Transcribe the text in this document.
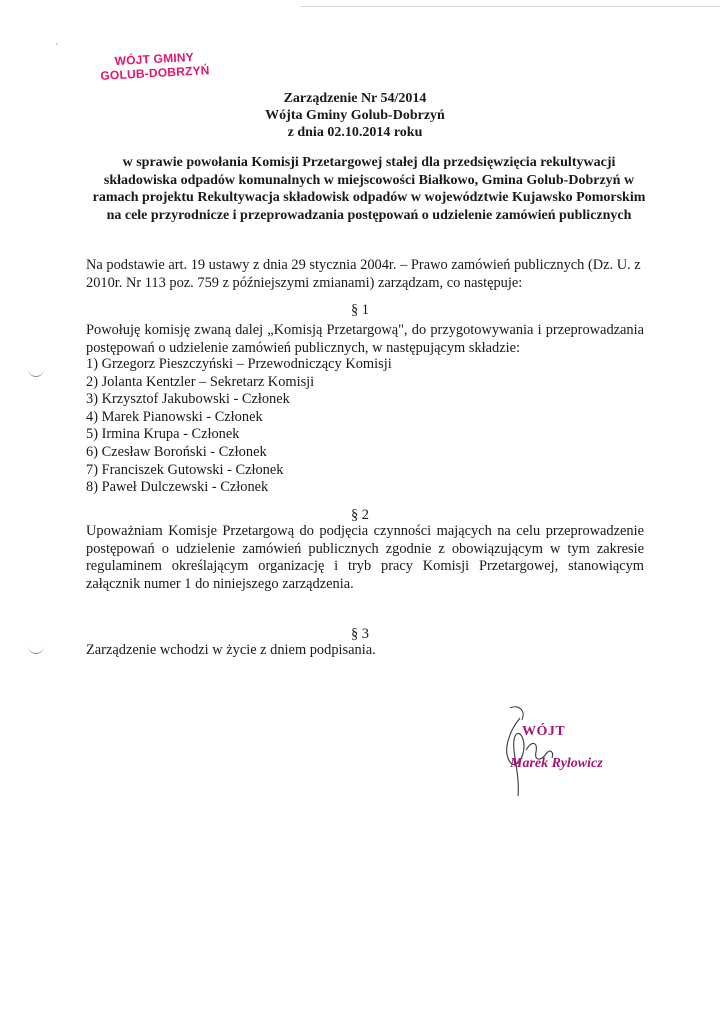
WÓJT GMINY
GOLUB-DOBRZYŃ
Zarządzenie Nr 54/2014
Wójta Gminy Golub-Dobrzyń
z dnia 02.10.2014 roku
w sprawie powołania Komisji Przetargowej stałej dla przedsięwzięcia rekultywacji składowiska odpadów komunalnych w miejscowości Białkowo, Gmina Golub-Dobrzyń w ramach projektu Rekultywacja składowisk odpadów w województwie Kujawsko Pomorskim na cele przyrodnicze i przeprowadzania postępowań o udzielenie zamówień publicznych
Na podstawie art. 19 ustawy z dnia 29 stycznia 2004r. – Prawo zamówień publicznych (Dz. U. z 2010r. Nr 113 poz. 759 z późniejszymi zmianami) zarządzam, co następuje:
§ 1
Powołuję komisję zwaną dalej „Komisją Przetargową", do przygotowywania i przeprowadzania postępowań o udzielenie zamówień publicznych, w następującym składzie:
1) Grzegorz Pieszczyński – Przewodniczący Komisji
2) Jolanta Kentzler – Sekretarz Komisji
3) Krzysztof Jakubowski - Członek
4) Marek Pianowski - Członek
5) Irmina Krupa - Członek
6) Czesław Boroński - Członek
7) Franciszek Gutowski - Członek
8) Paweł Dulczewski - Członek
§ 2
Upoważniam Komisje Przetargową do podjęcia czynności mających na celu przeprowadzenie postępowań o udzielenie zamówień publicznych zgodnie z obowiązującym w tym zakresie regulaminem określającym organizację i tryb pracy Komisji Przetargowej, stanowiącym załącznik numer 1 do niniejszego zarządzenia.
§ 3
Zarządzenie wchodzi w życie z dniem podpisania.
WÓJT
Marek Rylowicz
